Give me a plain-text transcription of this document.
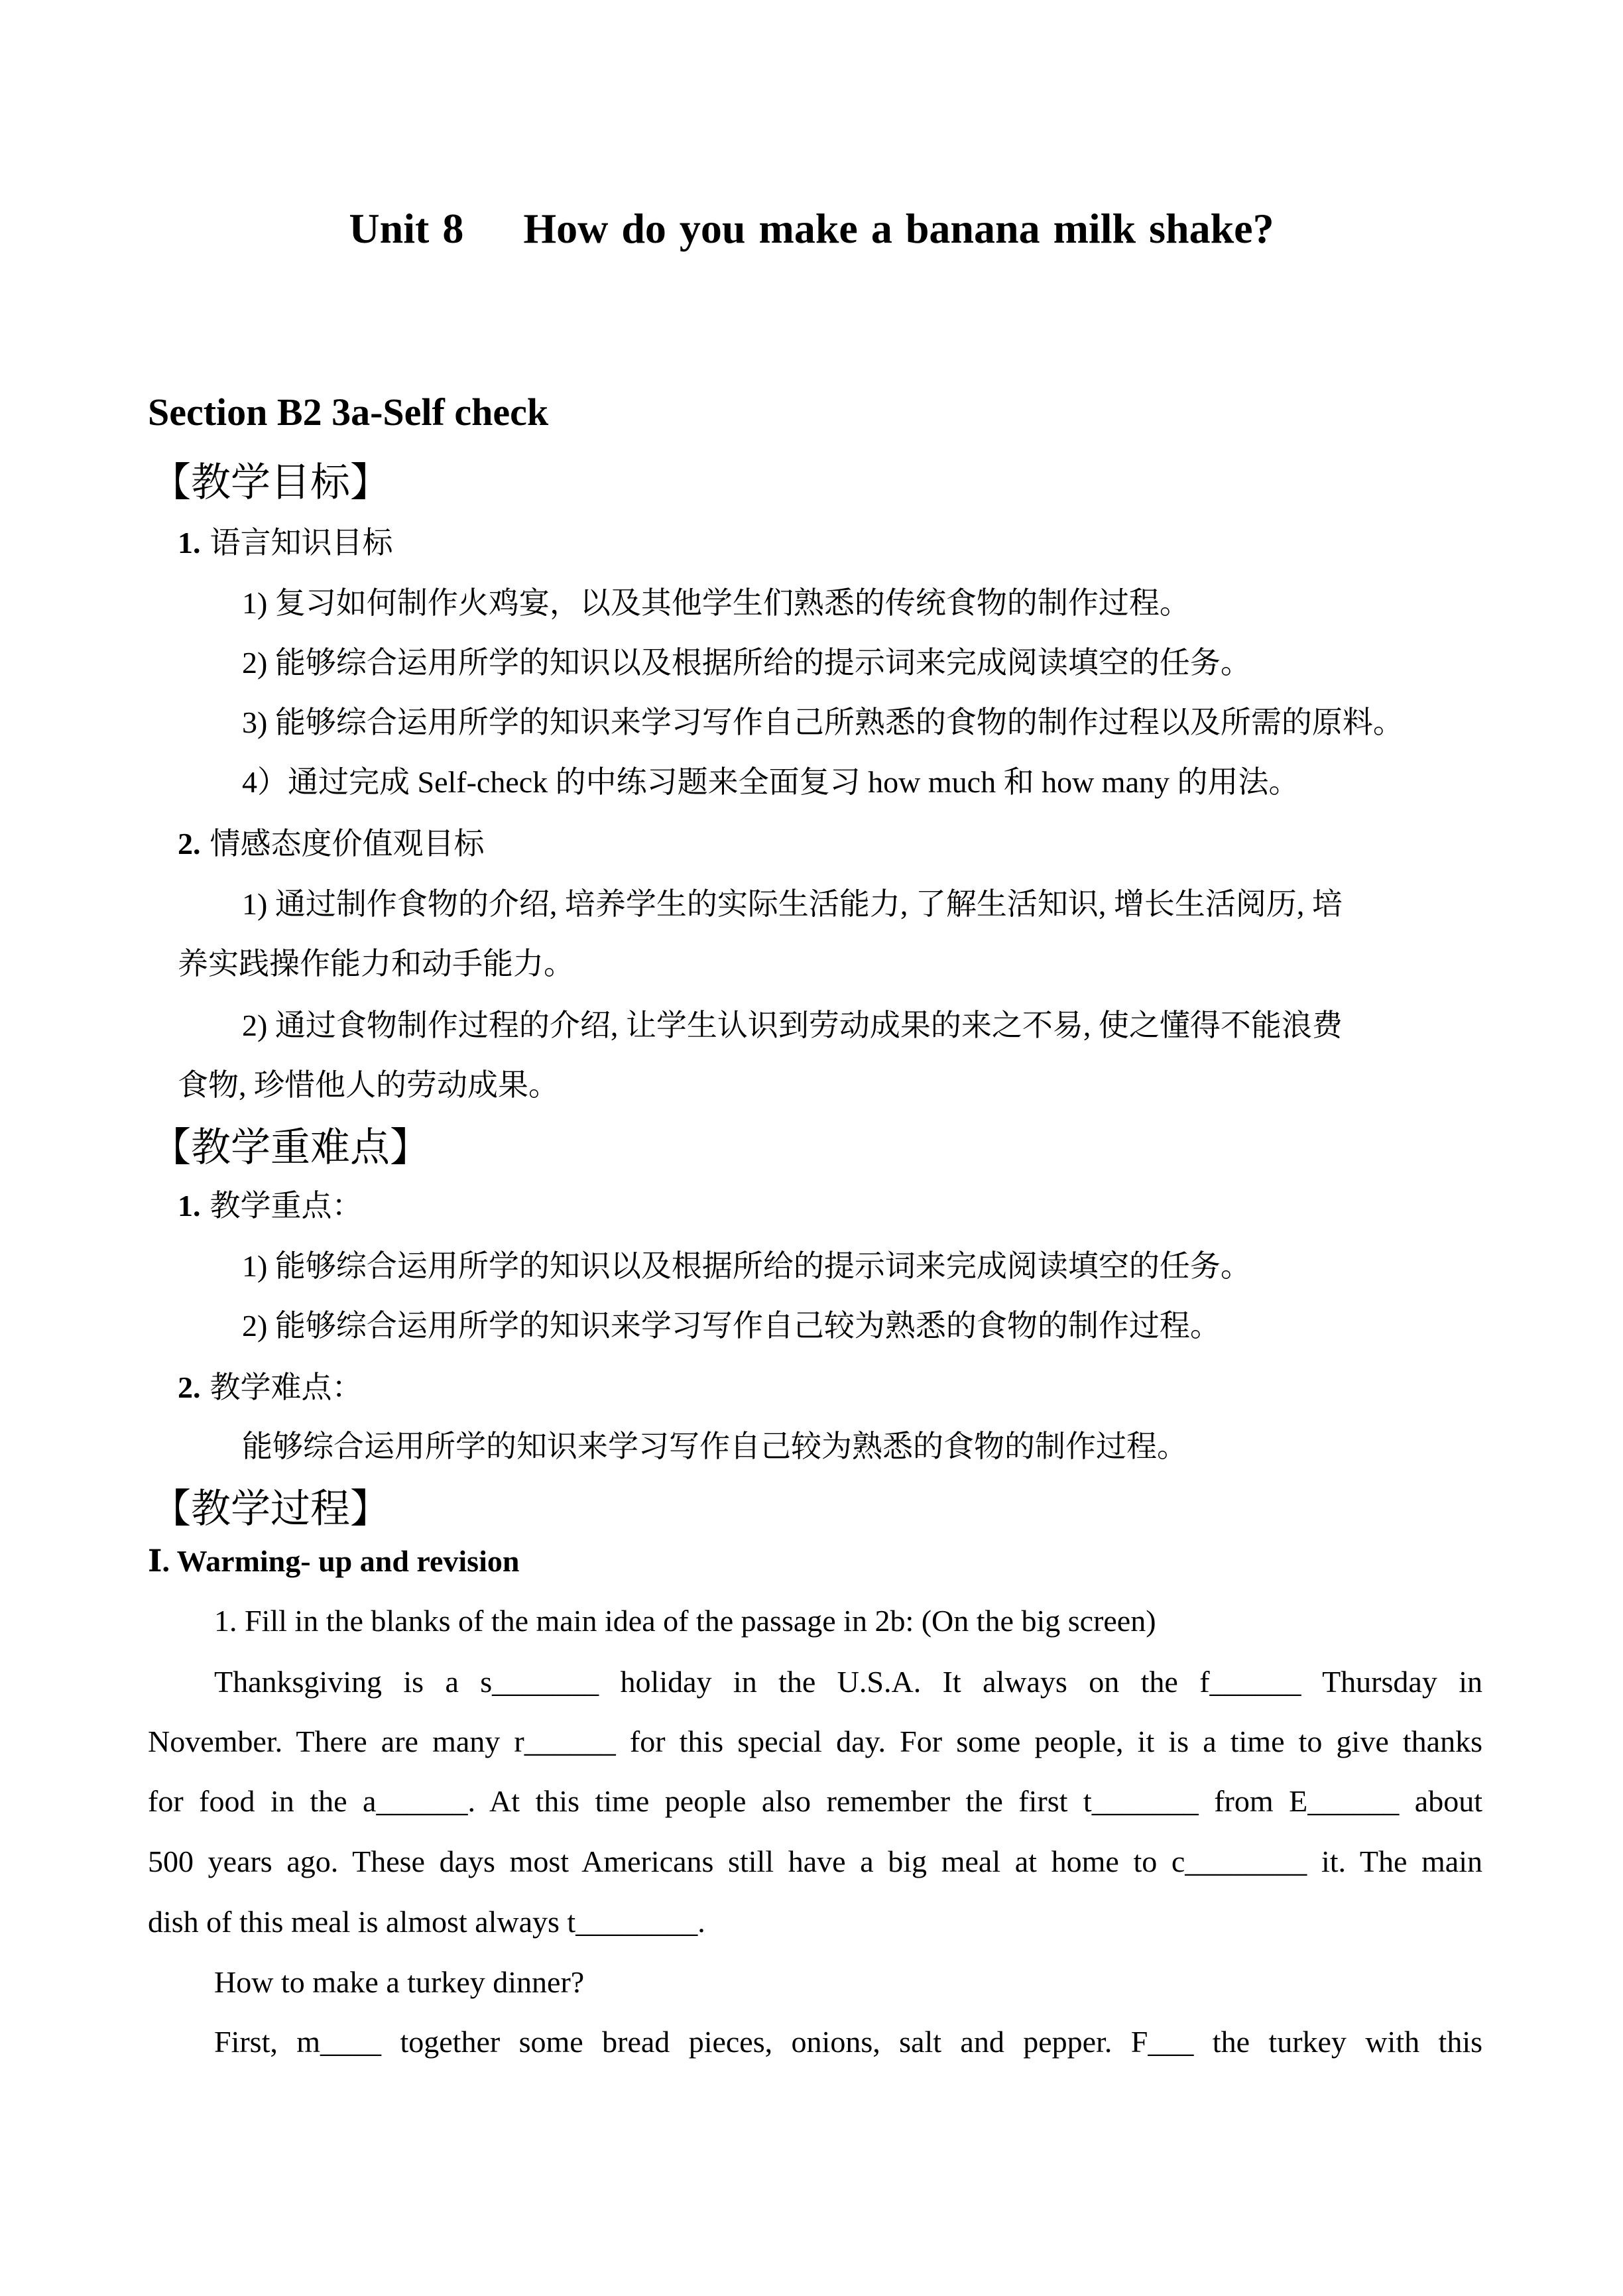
Unit 8 How do you make a banana milk shake?
Section B2 3a-Self check
【教学目标】
1. 语言知识目标
1) 复习如何制作火鸡宴，以及其他学生们熟悉的传统食物的制作过程。
2) 能够综合运用所学的知识以及根据所给的提示词来完成阅读填空的任务。
3) 能够综合运用所学的知识来学习写作自己所熟悉的食物的制作过程以及所需的原料。
4）通过完成 Self-check 的中练习题来全面复习 how much 和 how many 的用法。
2. 情感态度价值观目标
1) 通过制作食物的介绍, 培养学生的实际生活能力, 了解生活知识, 增长生活阅历, 培
养实践操作能力和动手能力。
2) 通过食物制作过程的介绍, 让学生认识到劳动成果的来之不易, 使之懂得不能浪费
食物, 珍惜他人的劳动成果。
【教学重难点】
1. 教学重点：
1) 能够综合运用所学的知识以及根据所给的提示词来完成阅读填空的任务。
2) 能够综合运用所学的知识来学习写作自己较为熟悉的食物的制作过程。
2. 教学难点：
能够综合运用所学的知识来学习写作自己较为熟悉的食物的制作过程。
【教学过程】
Ⅰ. Warming- up and revision
1. Fill in the blanks of the main idea of the passage in 2b: (On the big screen)
Thanksgiving is a s_______ holiday in the U.S.A. It always on the f______ Thursday in
November. There are many r______ for this special day. For some people, it is a time to give thanks
for food in the a______. At this time people also remember the first t_______ from E______ about
500 years ago. These days most Americans still have a big meal at home to c________ it. The main
dish of this meal is almost always t________.
How to make a turkey dinner?
First, m____ together some bread pieces, onions, salt and pepper. F___ the turkey with this
